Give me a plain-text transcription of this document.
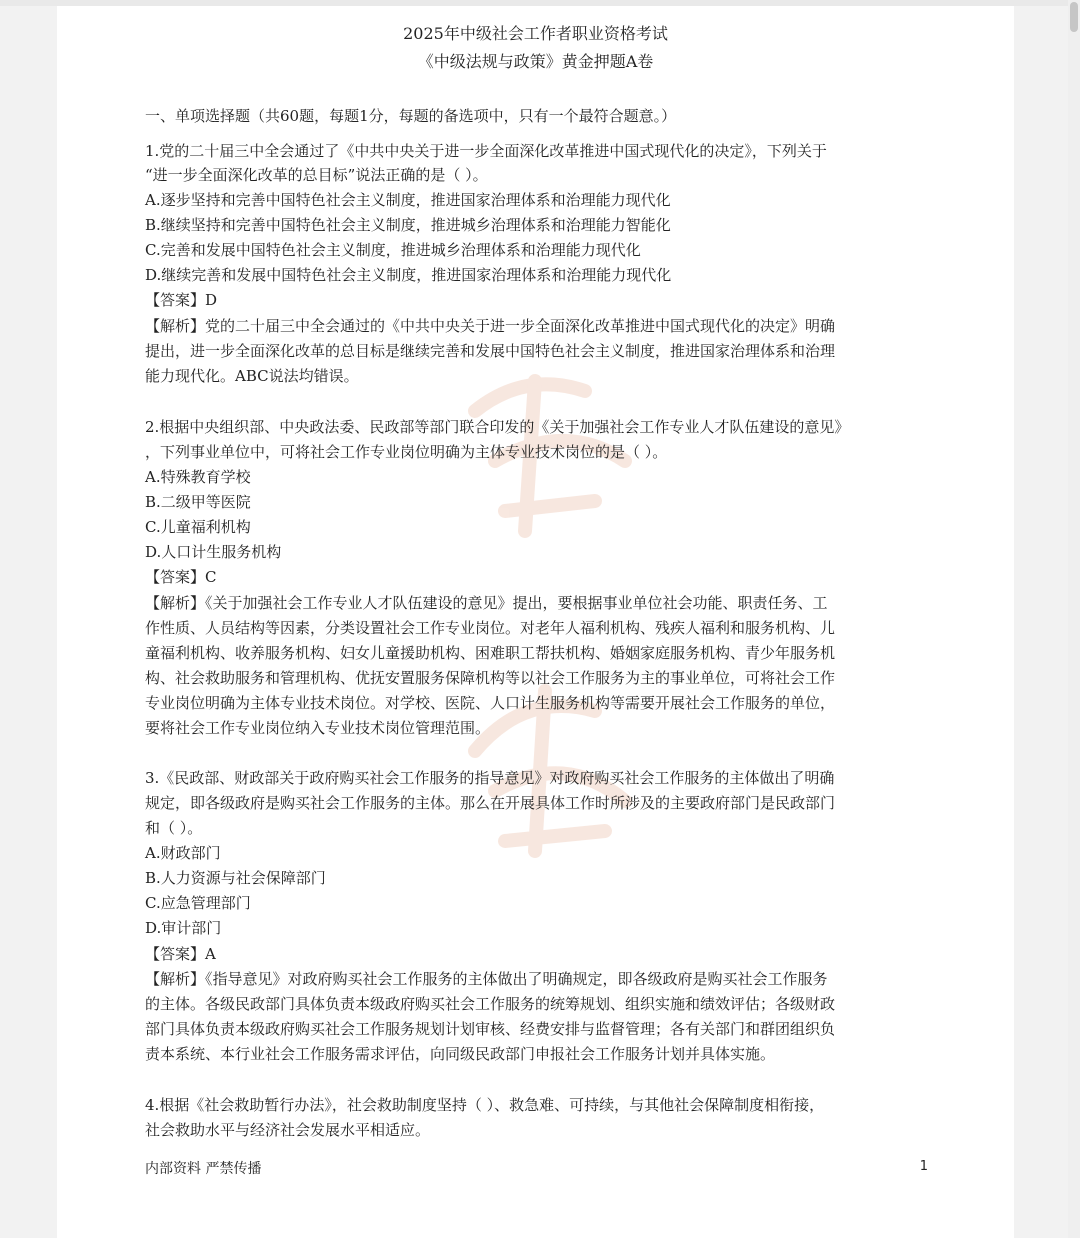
2025年中级社会工作者职业资格考试
《中级法规与政策》黄金押题A卷
一、单项选择题（共60题，每题1分，每题的备选项中，只有一个最符合题意。）
1.党的二十届三中全会通过了《中共中央关于进一步全面深化改革推进中国式现代化的决定》，下列关于
“进一步全面深化改革的总目标”说法正确的是（ ）。
A.逐步坚持和完善中国特色社会主义制度，推进国家治理体系和治理能力现代化
B.继续坚持和完善中国特色社会主义制度，推进城乡治理体系和治理能力智能化
C.完善和发展中国特色社会主义制度，推进城乡治理体系和治理能力现代化
D.继续完善和发展中国特色社会主义制度，推进国家治理体系和治理能力现代化
【答案】D
【解析】党的二十届三中全会通过的《中共中央关于进一步全面深化改革推进中国式现代化的决定》明确
提出，进一步全面深化改革的总目标是继续完善和发展中国特色社会主义制度，推进国家治理体系和治理
能力现代化。ABC说法均错误。
2.根据中央组织部、中央政法委、民政部等部门联合印发的《关于加强社会工作专业人才队伍建设的意见》
，下列事业单位中，可将社会工作专业岗位明确为主体专业技术岗位的是（ ）。
A.特殊教育学校
B.二级甲等医院
C.儿童福利机构
D.人口计生服务机构
【答案】C
【解析】《关于加强社会工作专业人才队伍建设的意见》提出，要根据事业单位社会功能、职责任务、工
作性质、人员结构等因素，分类设置社会工作专业岗位。对老年人福利机构、残疾人福利和服务机构、儿
童福利机构、收养服务机构、妇女儿童援助机构、困难职工帮扶机构、婚姻家庭服务机构、青少年服务机
构、社会救助服务和管理机构、优抚安置服务保障机构等以社会工作服务为主的事业单位，可将社会工作
专业岗位明确为主体专业技术岗位。对学校、医院、人口计生服务机构等需要开展社会工作服务的单位，
要将社会工作专业岗位纳入专业技术岗位管理范围。
3.《民政部、财政部关于政府购买社会工作服务的指导意见》对政府购买社会工作服务的主体做出了明确
规定，即各级政府是购买社会工作服务的主体。那么在开展具体工作时所涉及的主要政府部门是民政部门
和（ ）。
A.财政部门
B.人力资源与社会保障部门
C.应急管理部门
D.审计部门
【答案】A
【解析】《指导意见》对政府购买社会工作服务的主体做出了明确规定，即各级政府是购买社会工作服务
的主体。各级民政部门具体负责本级政府购买社会工作服务的统筹规划、组织实施和绩效评估；各级财政
部门具体负责本级政府购买社会工作服务规划计划审核、经费安排与监督管理；各有关部门和群团组织负
责本系统、本行业社会工作服务需求评估，向同级民政部门申报社会工作服务计划并具体实施。
4.根据《社会救助暂行办法》，社会救助制度坚持（ ）、救急难、可持续，与其他社会保障制度相衔接，
社会救助水平与经济社会发展水平相适应。
内部资料 严禁传播	1
